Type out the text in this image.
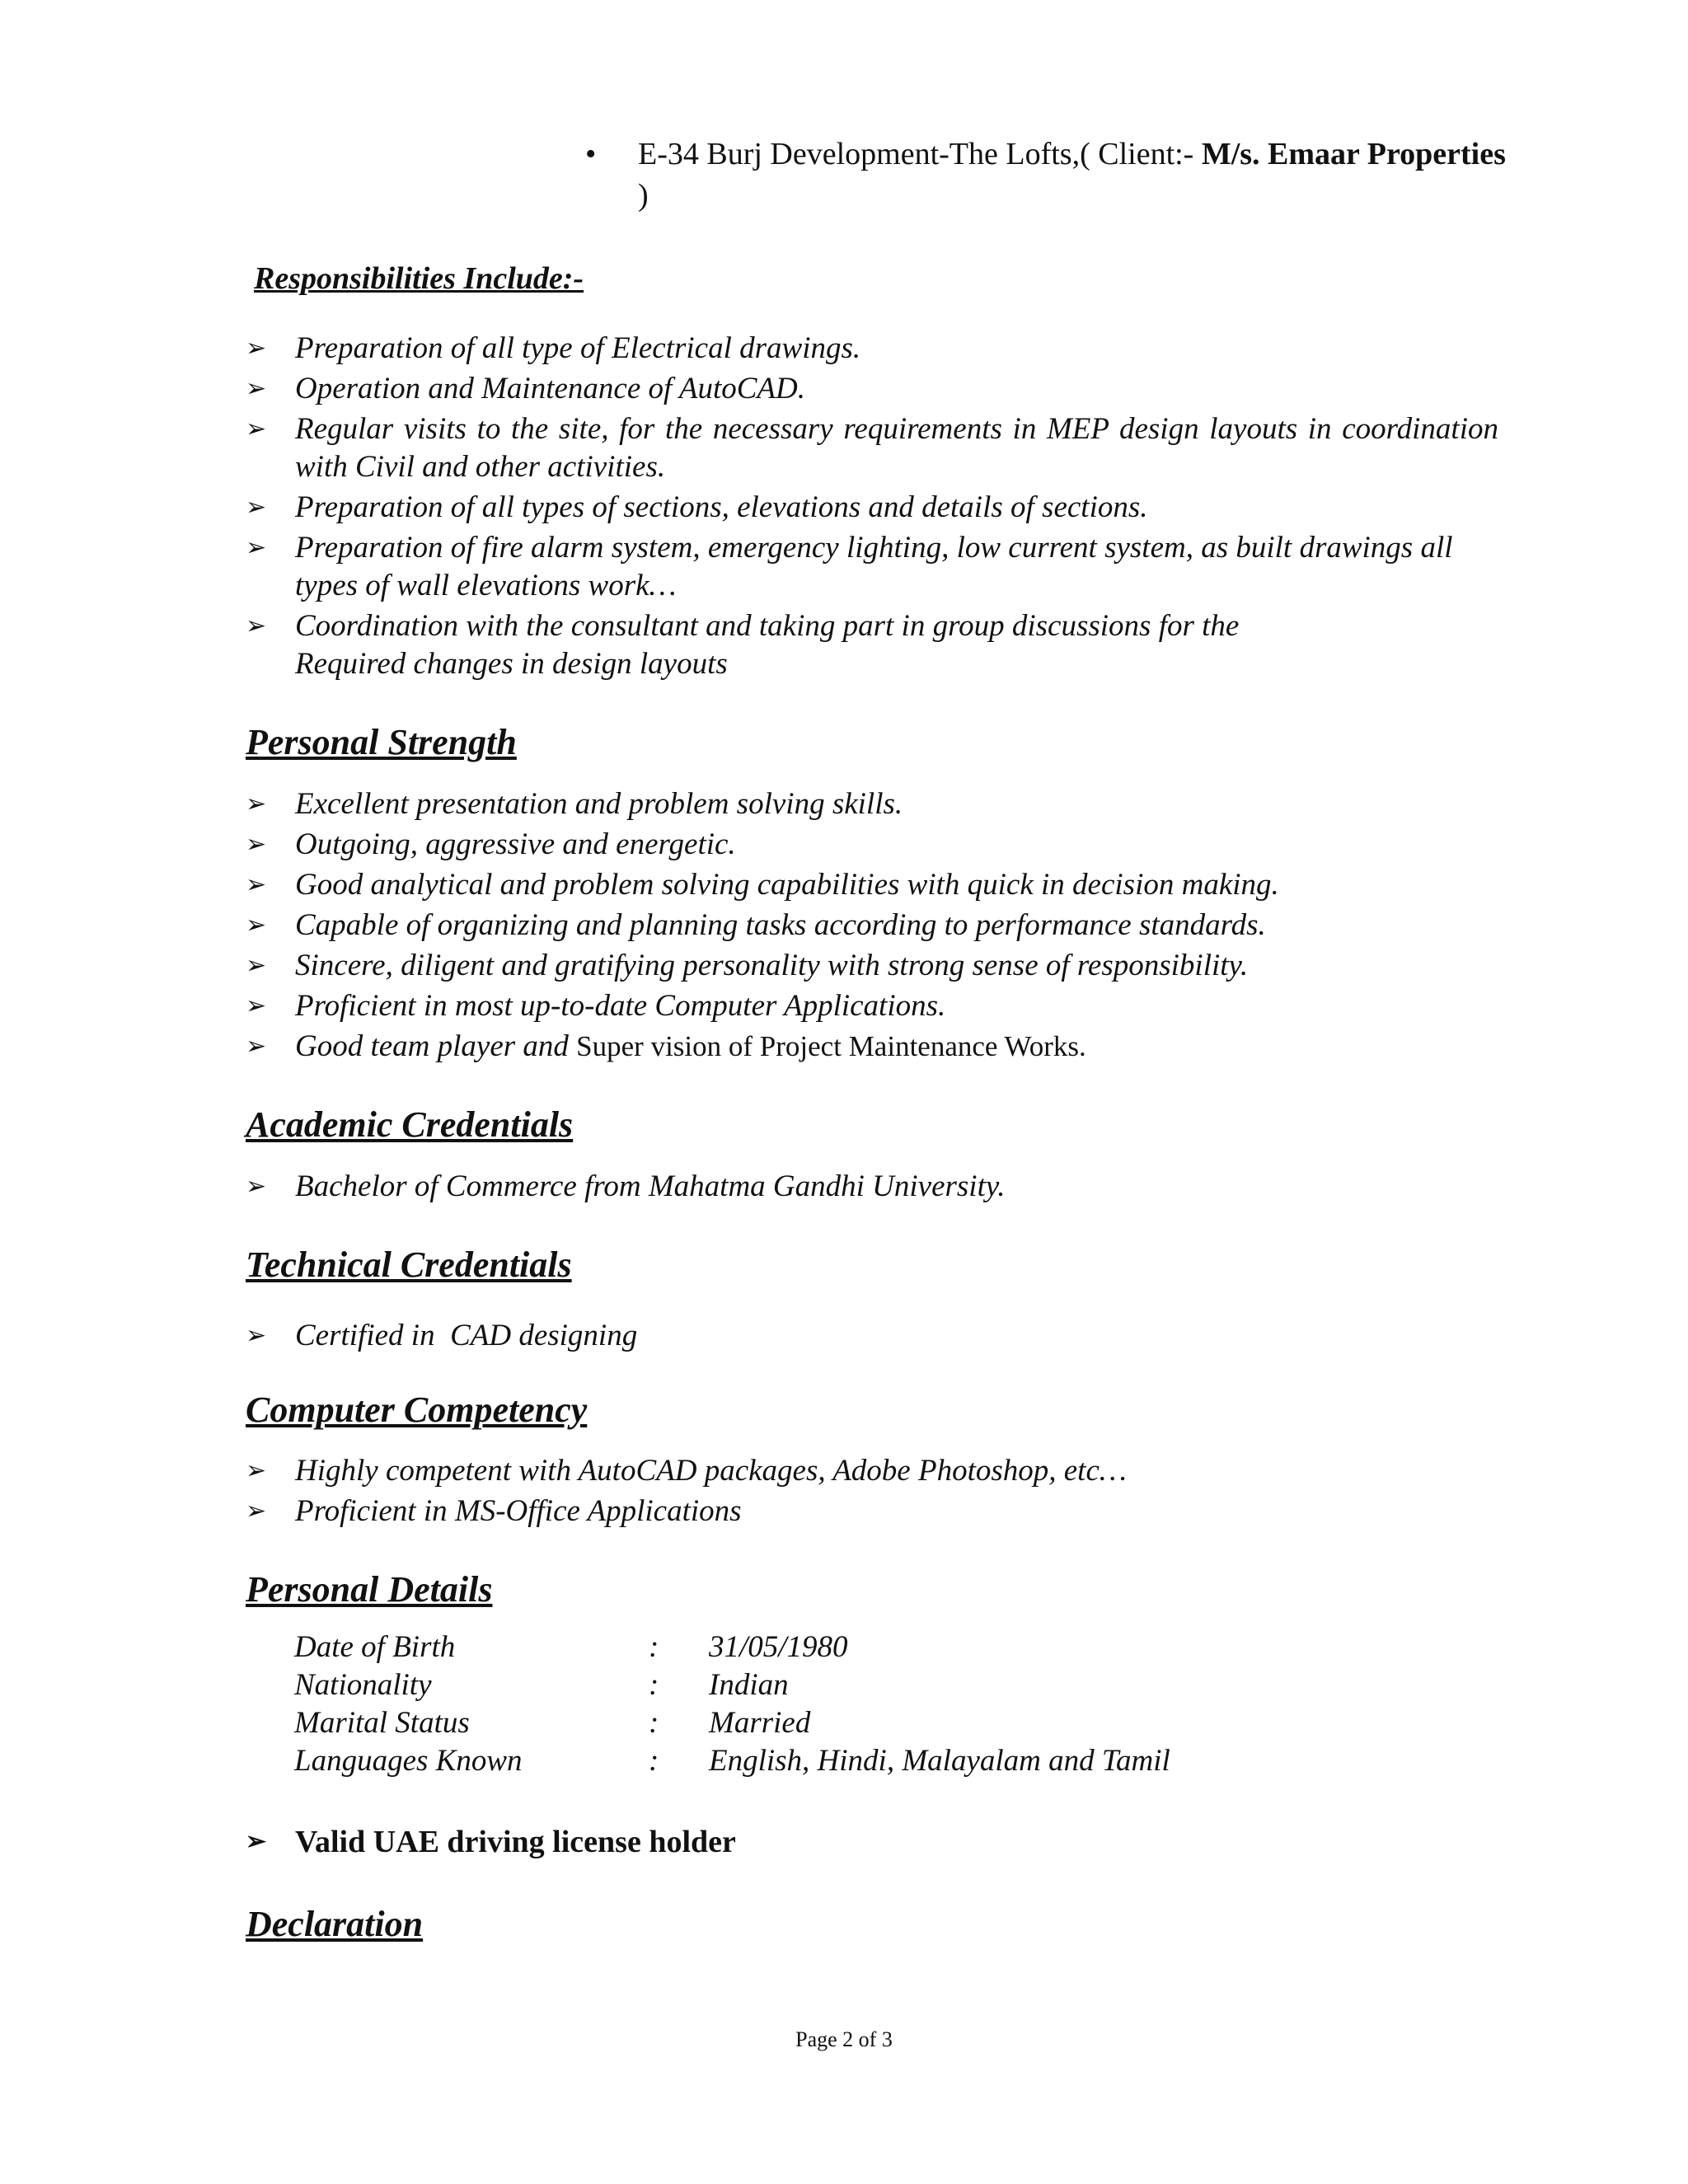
• E-34 Burj Development-The Lofts,( Client:- M/s. Emaar Properties )
Responsibilities Include:-
➢ Preparation of all type of Electrical drawings.
➢ Operation and Maintenance of AutoCAD.
➢ Regular visits to the site, for the necessary requirements in MEP design layouts in coordination with Civil and other activities.
➢ Preparation of all types of sections, elevations and details of sections.
➢ Preparation of fire alarm system, emergency lighting, low current system, as built drawings all types of wall elevations work…
➢ Coordination with the consultant and taking part in group discussions for the
Required changes in design layouts
Personal Strength
➢ Excellent presentation and problem solving skills.
➢ Outgoing, aggressive and energetic.
➢ Good analytical and problem solving capabilities with quick in decision making.
➢ Capable of organizing and planning tasks according to performance standards.
➢ Sincere, diligent and gratifying personality with strong sense of responsibility.
➢ Proficient in most up-to-date Computer Applications.
➢ Good team player and Super vision of Project Maintenance Works.
Academic Credentials
➢ Bachelor of Commerce from Mahatma Gandhi University.
Technical Credentials
➢ Certified in  CAD designing
Computer Competency
➢ Highly competent with AutoCAD packages, Adobe Photoshop, etc…
➢ Proficient in MS-Office Applications
Personal Details
Date of Birth	: 31/05/1980
Nationality	: Indian
Marital Status	: Married
Languages Known	: English, Hindi, Malayalam and Tamil
➢ Valid UAE driving license holder
Declaration
Page 2 of 3
